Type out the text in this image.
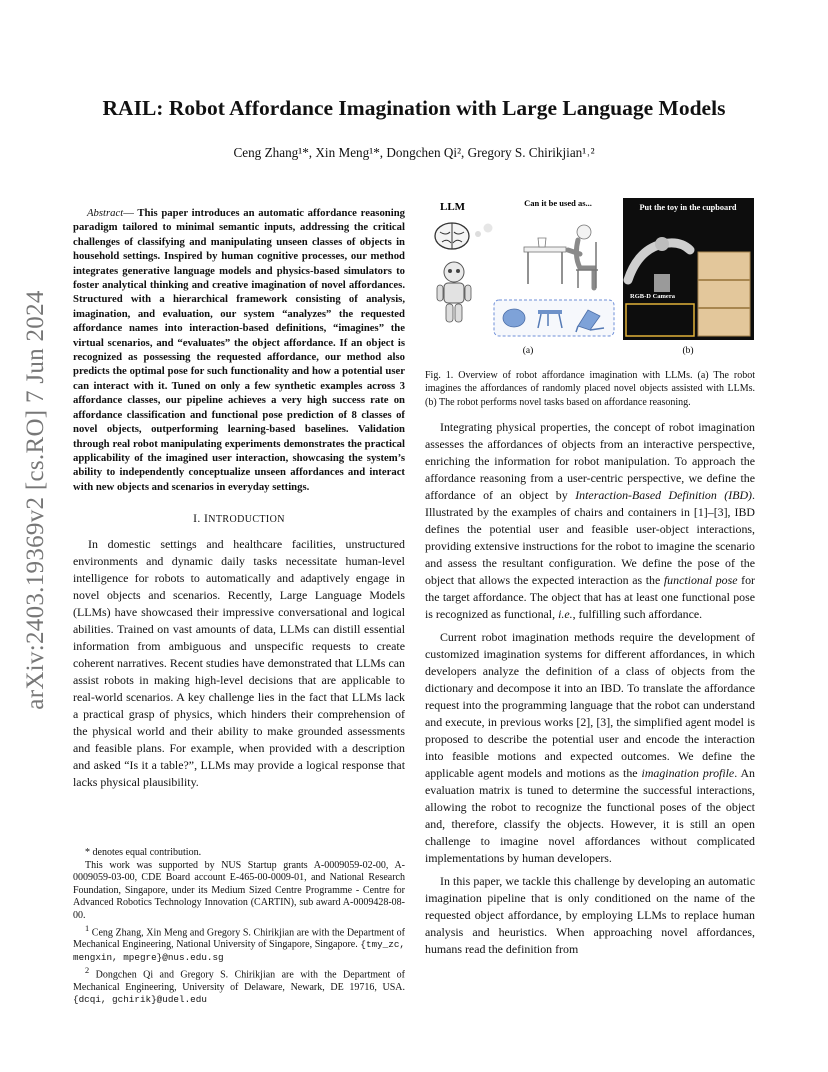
arXiv:2403.19369v2 [cs.RO] 7 Jun 2024
RAIL: Robot Affordance Imagination with Large Language Models
Ceng Zhang¹*, Xin Meng¹*, Dongchen Qi², Gregory S. Chirikjian¹˒²

Abstract— This paper introduces an automatic affordance reasoning paradigm tailored to minimal semantic inputs, addressing the critical challenges of classifying and manipulating unseen classes of objects in household settings. Inspired by human cognitive processes, our method integrates generative language models and physics-based simulators to foster analytical thinking and creative imagination of novel affordances. Structured with a hierarchical framework consisting of analysis, imagination, and evaluation, our system “analyzes” the requested affordance names into interaction-based definitions, “imagines” the virtual scenarios, and “evaluates” the object affordance. If an object is recognized as possessing the requested affordance, our method also predicts the optimal pose for such functionality and how a potential user can interact with it. Tuned on only a few synthetic examples across 3 affordance classes, our pipeline achieves a very high success rate on affordance classification and functional pose prediction of 8 classes of novel objects, outperforming learning-based baselines. Validation through real robot manipulating experiments demonstrates the practical applicability of the imagined user interaction, showcasing the system’s ability to independently conceptualize unseen affordances and interact with new objects and scenarios in everyday settings.

I. INTRODUCTION

In domestic settings and healthcare facilities, unstructured environments and dynamic daily tasks necessitate human-level intelligence for robots to automatically and adaptively engage in novel objects and scenarios. Recently, Large Language Models (LLMs) have showcased their impressive conversational and logical abilities. Trained on vast amounts of data, LLMs can distill essential information from ambiguous and unspecific requests to create coherent narratives. Recent studies have demonstrated that LLMs can assist robots in making high-level decisions that are applicable to real-world scenarios. A key challenge lies in the fact that LLMs lack a practical grasp of physics, which hinders their comprehension of the physical world and their ability to make grounded assessments and feasible plans. For example, when provided with a description and asked “Is it a table?”, LLMs may provide a logical response that lacks physical plausibility.

* denotes equal contribution.

This work was supported by NUS Startup grants A-0009059-02-00, A-0009059-03-00, CDE Board account E-465-00-0009-01, and National Research Foundation, Singapore, under its Medium Sized Centre Programme - Centre for Advanced Robotics Technology Innovation (CARTIN), sub award A-0009428-08-00.

$^1$ Ceng Zhang, Xin Meng and Gregory S. Chirikjian are with the Department of Mechanical Engineering, National University of Singapore, Singapore. {tmy_zc, mengxin, mpegre}@nus.edu.sg

$^2$ Dongchen Qi and Gregory S. Chirikjian are with the Department of Mechanical Engineering, University of Delaware, Newark, DE 19716, USA. {dcqi, gchirik}@udel.edu

LLM	Can it be used as...
(a)
Put the toy in the cupboard
RGB-D Camera
(b)
Fig. 1. Overview of robot affordance imagination with LLMs. (a) The robot imagines the affordances of randomly placed novel objects assisted with LLMs. (b) The robot performs novel tasks based on affordance reasoning.

Integrating physical properties, the concept of robot imagination assesses the affordances of objects from an interactive perspective, enriching the information for robot manipulation. To approach the affordance reasoning from a user-centric perspective, we define the affordance of an object by Interaction-Based Definition (IBD). Illustrated by the examples of chairs and containers in [1]–[3], IBD defines the potential user and feasible user-object interactions, providing extensive instructions for the robot to imagine the scenario and assess the resultant configuration. We define the pose of the object that allows the expected interaction as the functional pose for the target affordance. The object that has at least one functional pose is recognized as functional, i.e., fulfilling such affordance.

Current robot imagination methods require the development of customized imagination systems for different affordances, in which developers analyze the definition of a class of objects from the dictionary and decompose it into an IBD. To translate the affordance request into the programming language that the robot can understand and execute, in previous works [2], [3], the simplified agent model is proposed to describe the potential user and encode the interaction into feasible motions and expected outcomes. We define the applicable agent models and motions as the imagination profile. An evaluation matrix is tuned to determine the successful interactions, allowing the robot to recognize the functional poses of the object and, therefore, classify the objects. However, it is still an open challenge to imagine novel affordances without complicated implementations by human developers.

In this paper, we tackle this challenge by developing an automatic imagination pipeline that is only conditioned on the name of the requested object affordance, by employing LLMs to replace human analysis and heuristics. When approaching novel affordances, humans read the definition from
